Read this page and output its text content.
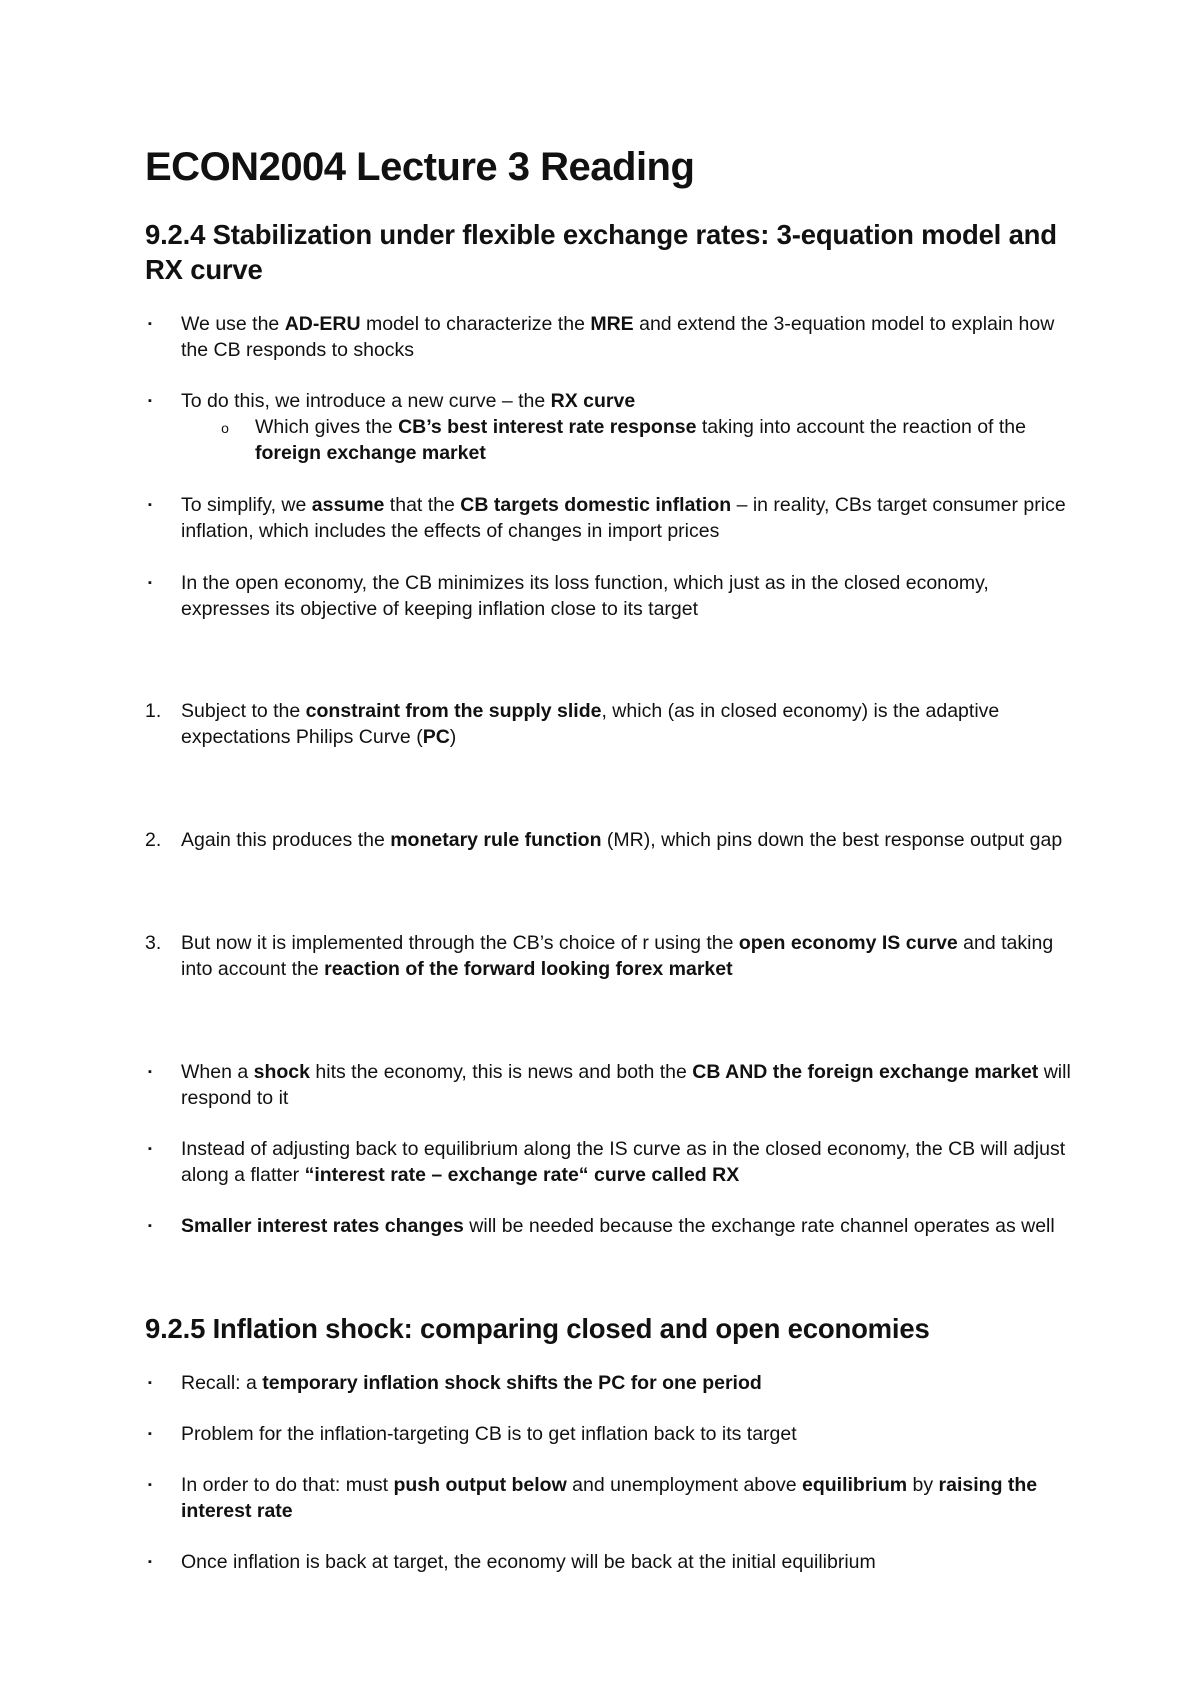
ECON2004 Lecture 3 Reading
9.2.4 Stabilization under flexible exchange rates: 3-equation model and RX curve
▪	We use the AD-ERU model to characterize the MRE and extend the 3-equation model to explain how the CB responds to shocks

▪	To do this, we introduce a new curve – the RX curve

o Which gives the CB’s best interest rate response taking into account the reaction of the foreign exchange market

▪	To simplify, we assume that the CB targets domestic inflation – in reality, CBs target consumer price inflation, which includes the effects of changes in import prices

▪	In the open economy, the CB minimizes its loss function, which just as in the closed economy, expresses its objective of keeping inflation close to its target

1.	Subject to the constraint from the supply slide, which (as in closed economy) is the adaptive expectations Philips Curve (PC)

2.	Again this produces the monetary rule function (MR), which pins down the best response output gap

3.	But now it is implemented through the CB’s choice of r using the open economy IS curve and taking into account the reaction of the forward looking forex market

▪	When a shock hits the economy, this is news and both the CB AND the foreign exchange market will respond to it

▪	Instead of adjusting back to equilibrium along the IS curve as in the closed economy, the CB will adjust along a flatter “interest rate – exchange rate“ curve called RX

▪	Smaller interest rates changes will be needed because the exchange rate channel operates as well

9.2.5 Inflation shock: comparing closed and open economies
▪	Recall: a temporary inflation shock shifts the PC for one period

▪	Problem for the inflation-targeting CB is to get inflation back to its target

▪	In order to do that: must push output below and unemployment above equilibrium by raising the interest rate

▪	Once inflation is back at target, the economy will be back at the initial equilibrium
